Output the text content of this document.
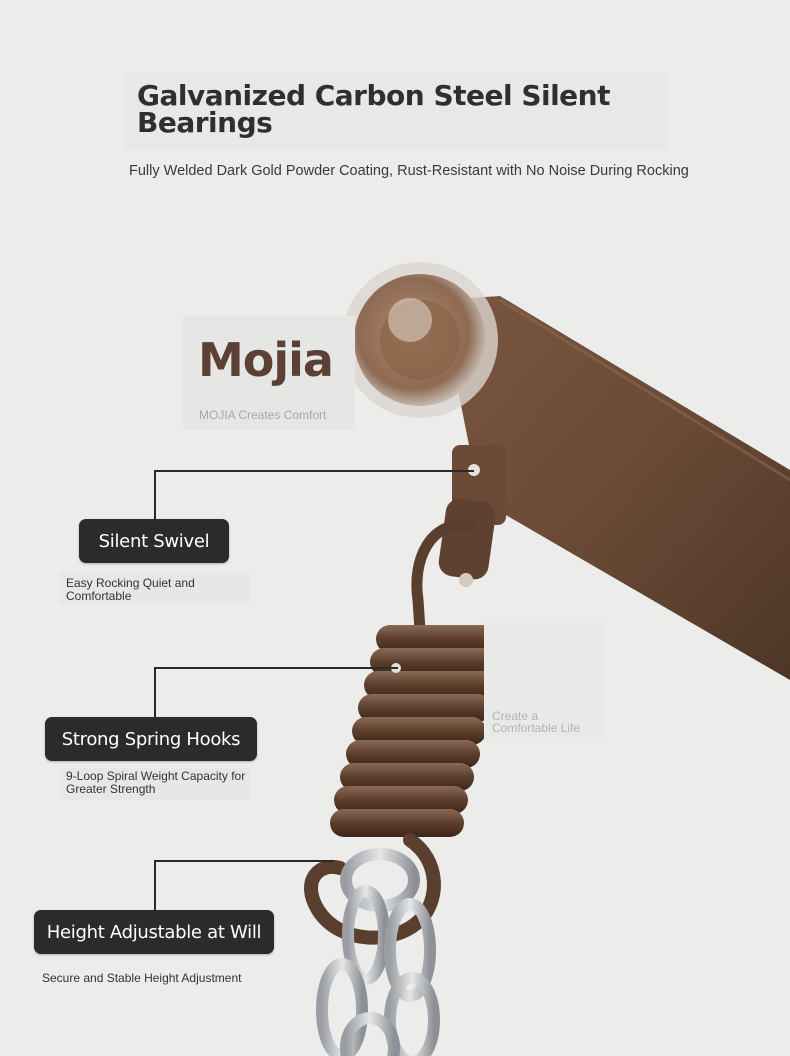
Galvanized Carbon Steel Silent Bearings
Fully Welded Dark Gold Powder Coating, Rust-Resistant with No Noise During Rocking
Mojia
MOJIA Creates Comfort
Create a Comfortable Life
Silent Swivel
Easy Rocking Quiet and Comfortable
Strong Spring Hooks
9-Loop Spiral Weight Capacity for Greater Strength
Height Adjustable at Will
Secure and Stable Height Adjustment
